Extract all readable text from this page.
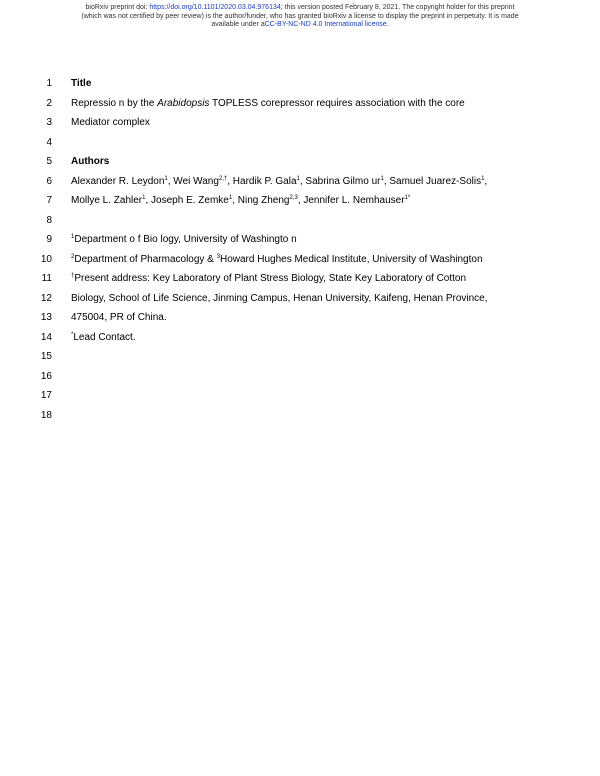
bioRxiv preprint doi: https://doi.org/10.1101/2020.03.04.976134; this version posted February 8, 2021. The copyright holder for this preprint
(which was not certified by peer review) is the author/funder, who has granted bioRxiv a license to display the preprint in perpetuity. It is made
available under aCC-BY-NC-ND 4.0 International license.
1 Title
2 Repressio n by the Arabidopsis TOPLESS corepressor requires association with the core
3 Mediator complex
4
5 Authors
6 Alexander R. Leydon$^1$, Wei Wang$^{2,\dagger}$, Hardik P. Gala$^1$, Sabrina Gilmo $ur^1$, Samuel Juarez-Solis$^1$,
7 Mollye L. Zahler$^1$, Joseph E. Zemke$^1$, Ning Zheng$^{2,3}$, Jennifer L. Nemhauser$^{1*}$
8
9	$^1$Department o f Bio logy, University of Washingto n
10	$^2$Department of Pharmacology & $^3$Howard Hughes Medical Institute, University of Washington
11	†Present address: Key Laboratory of Plant Stress Biology, State Key Laboratory of Cotton
12 Biology, School of Life Science, Jinming Campus, Henan University, Kaifeng, Henan Province,
13 475004, PR of China.
14	*Lead Contact.
15
16
17
18
